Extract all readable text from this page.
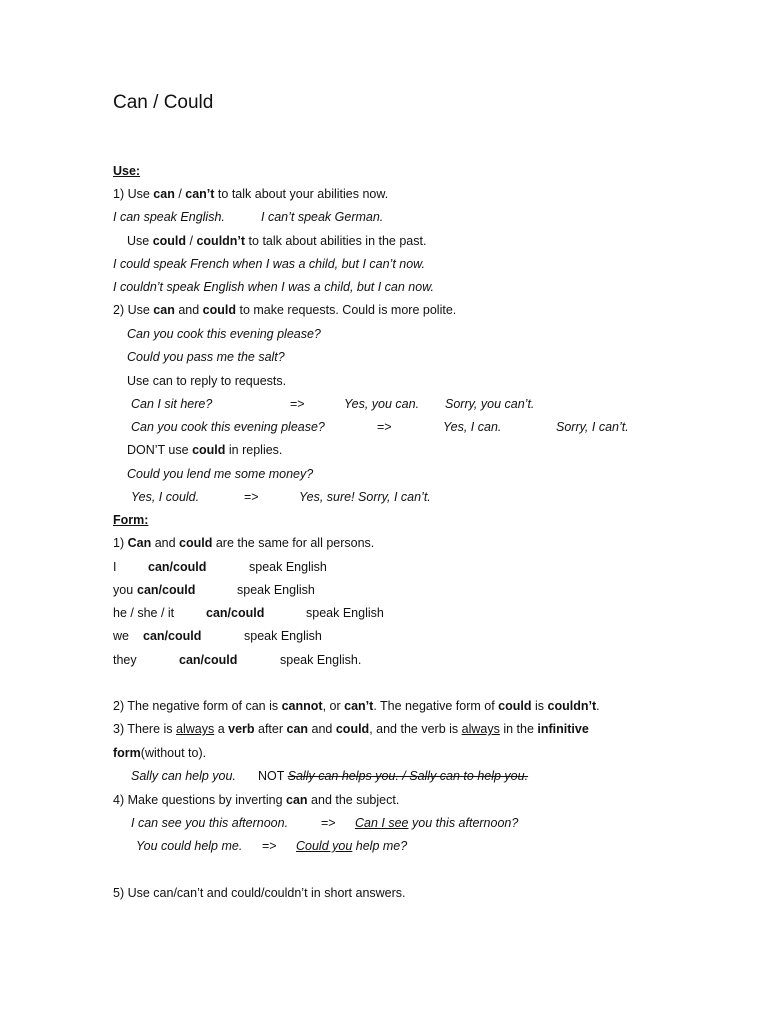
Can / Could
Use:
1) Use can / can’t to talk about your abilities now.
I can speak English.	I can’t speak German.
Use could / couldn’t to talk about abilities in the past.
I could speak French when I was a child, but I can’t now.
I couldn’t speak English when I was a child, but I can now.
2) Use can and could to make requests. Could is more polite.
Can you cook this evening please?
Could you pass me the salt?
Use can to reply to requests.
Can I sit here?	=>	Yes, you can. Sorry, you can’t.
Can you cook this evening please?	=>	Yes, I can.	Sorry, I can’t.
DON’T use could in replies.
Could you lend me some money?
Yes, I could.	=>	Yes, sure! Sorry, I can’t.
Form:
1) Can and could are the same for all persons.
I	can/could	speak English
you can/could	speak English
he / she / it	can/could	speak English
we can/could	speak English
they	can/could	speak English.
2) The negative form of can is cannot, or can’t. The negative form of could is couldn’t.
3) There is always a verb after can and could, and the verb is always in the infinitive
form(without to).
Sally can help you. NOT Sally can helps you. / Sally can to help you.
4) Make questions by inverting can and the subject.
I can see you this afternoon.	=> Can I see you this afternoon?
You could help me. => Could you help me?
5) Use can/can’t and could/couldn’t in short answers.
